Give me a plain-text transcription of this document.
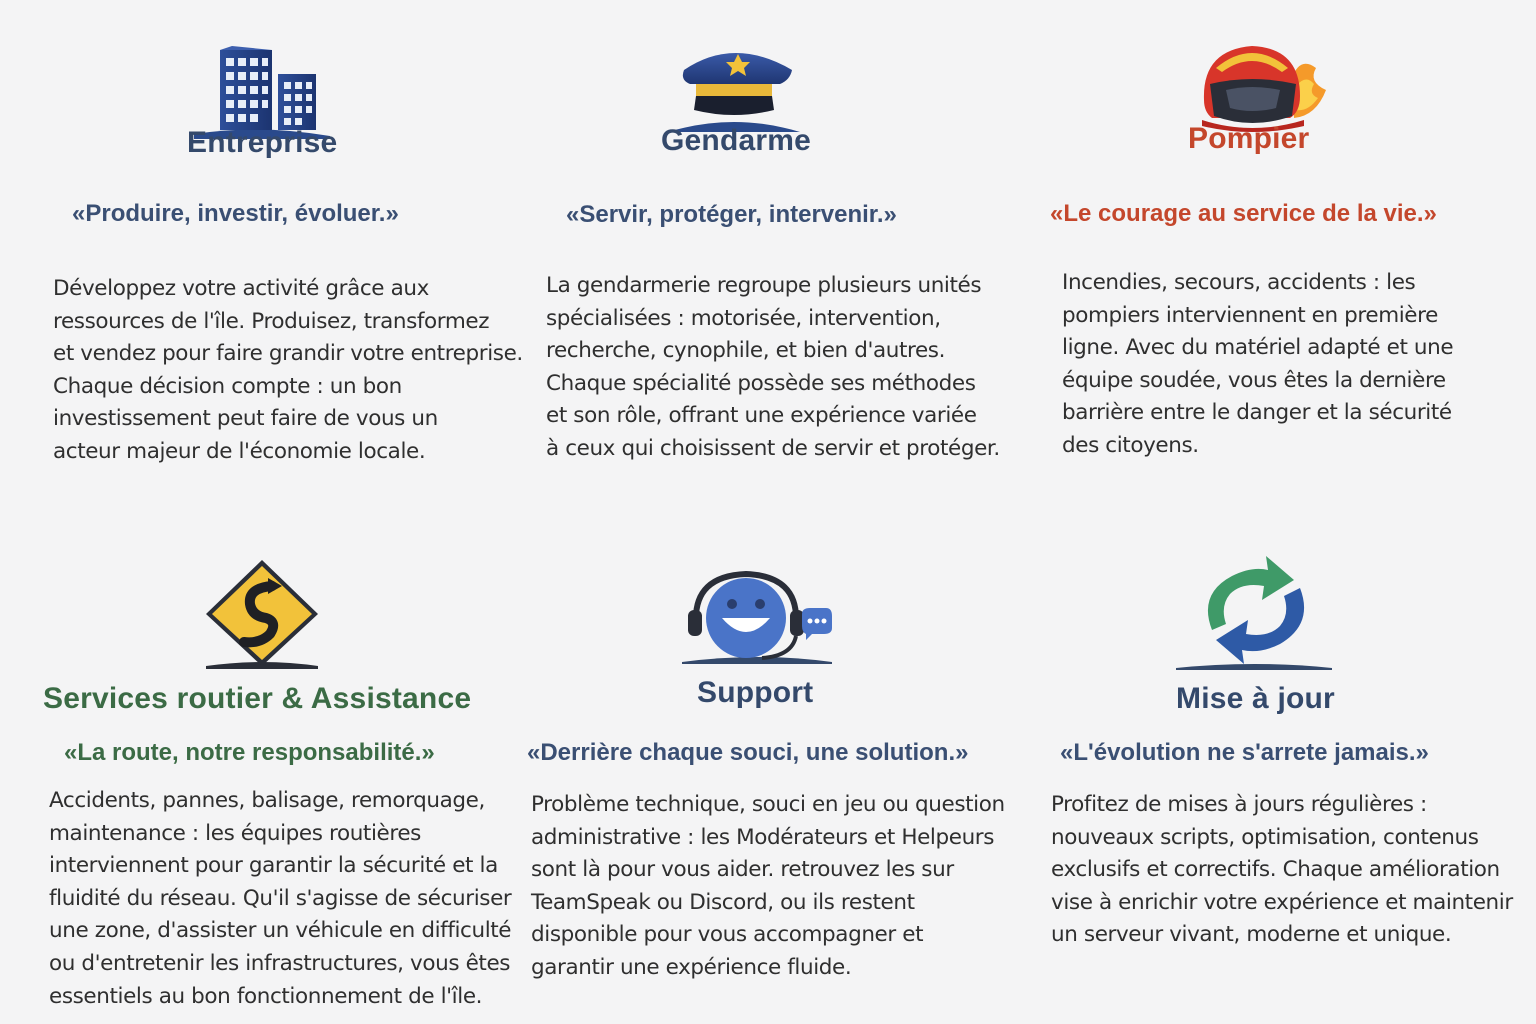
Entreprise

«Produire, investir, évoluer.»

Développez votre activité grâce aux
ressources de l'île. Produisez, transformez
et vendez pour faire grandir votre entreprise.
Chaque décision compte : un bon
investissement peut faire de vous un
acteur majeur de l'économie locale.

Gendarme

«Servir, protéger, intervenir.»

La gendarmerie regroupe plusieurs unités
spécialisées : motorisée, intervention,
recherche, cynophile, et bien d'autres.
Chaque spécialité possède ses méthodes
et son rôle, offrant une expérience variée
à ceux qui choisissent de servir et protéger.

Pompier

«Le courage au service de la vie.»

Incendies, secours, accidents : les
pompiers interviennent en première
ligne. Avec du matériel adapté et une
équipe soudée, vous êtes la dernière
barrière entre le danger et la sécurité
des citoyens.

Services routier & Assistance

«La route, notre responsabilité.»

Accidents, pannes, balisage, remorquage,
maintenance : les équipes routières
interviennent pour garantir la sécurité et la
fluidité du réseau. Qu'il s'agisse de sécuriser
une zone, d'assister un véhicule en difficulté
ou d'entretenir les infrastructures, vous êtes
essentiels au bon fonctionnement de l'île.

Support

«Derrière chaque souci, une solution.»

Problème technique, souci en jeu ou question
administrative : les Modérateurs et Helpeurs
sont là pour vous aider. retrouvez les sur
TeamSpeak ou Discord, ou ils restent
disponible pour vous accompagner et
garantir une expérience fluide.

Mise à jour

«L'évolution ne s'arrete jamais.»

Profitez de mises à jours régulières :
nouveaux scripts, optimisation, contenus
exclusifs et correctifs. Chaque amélioration
vise à enrichir votre expérience et maintenir
un serveur vivant, moderne et unique.
